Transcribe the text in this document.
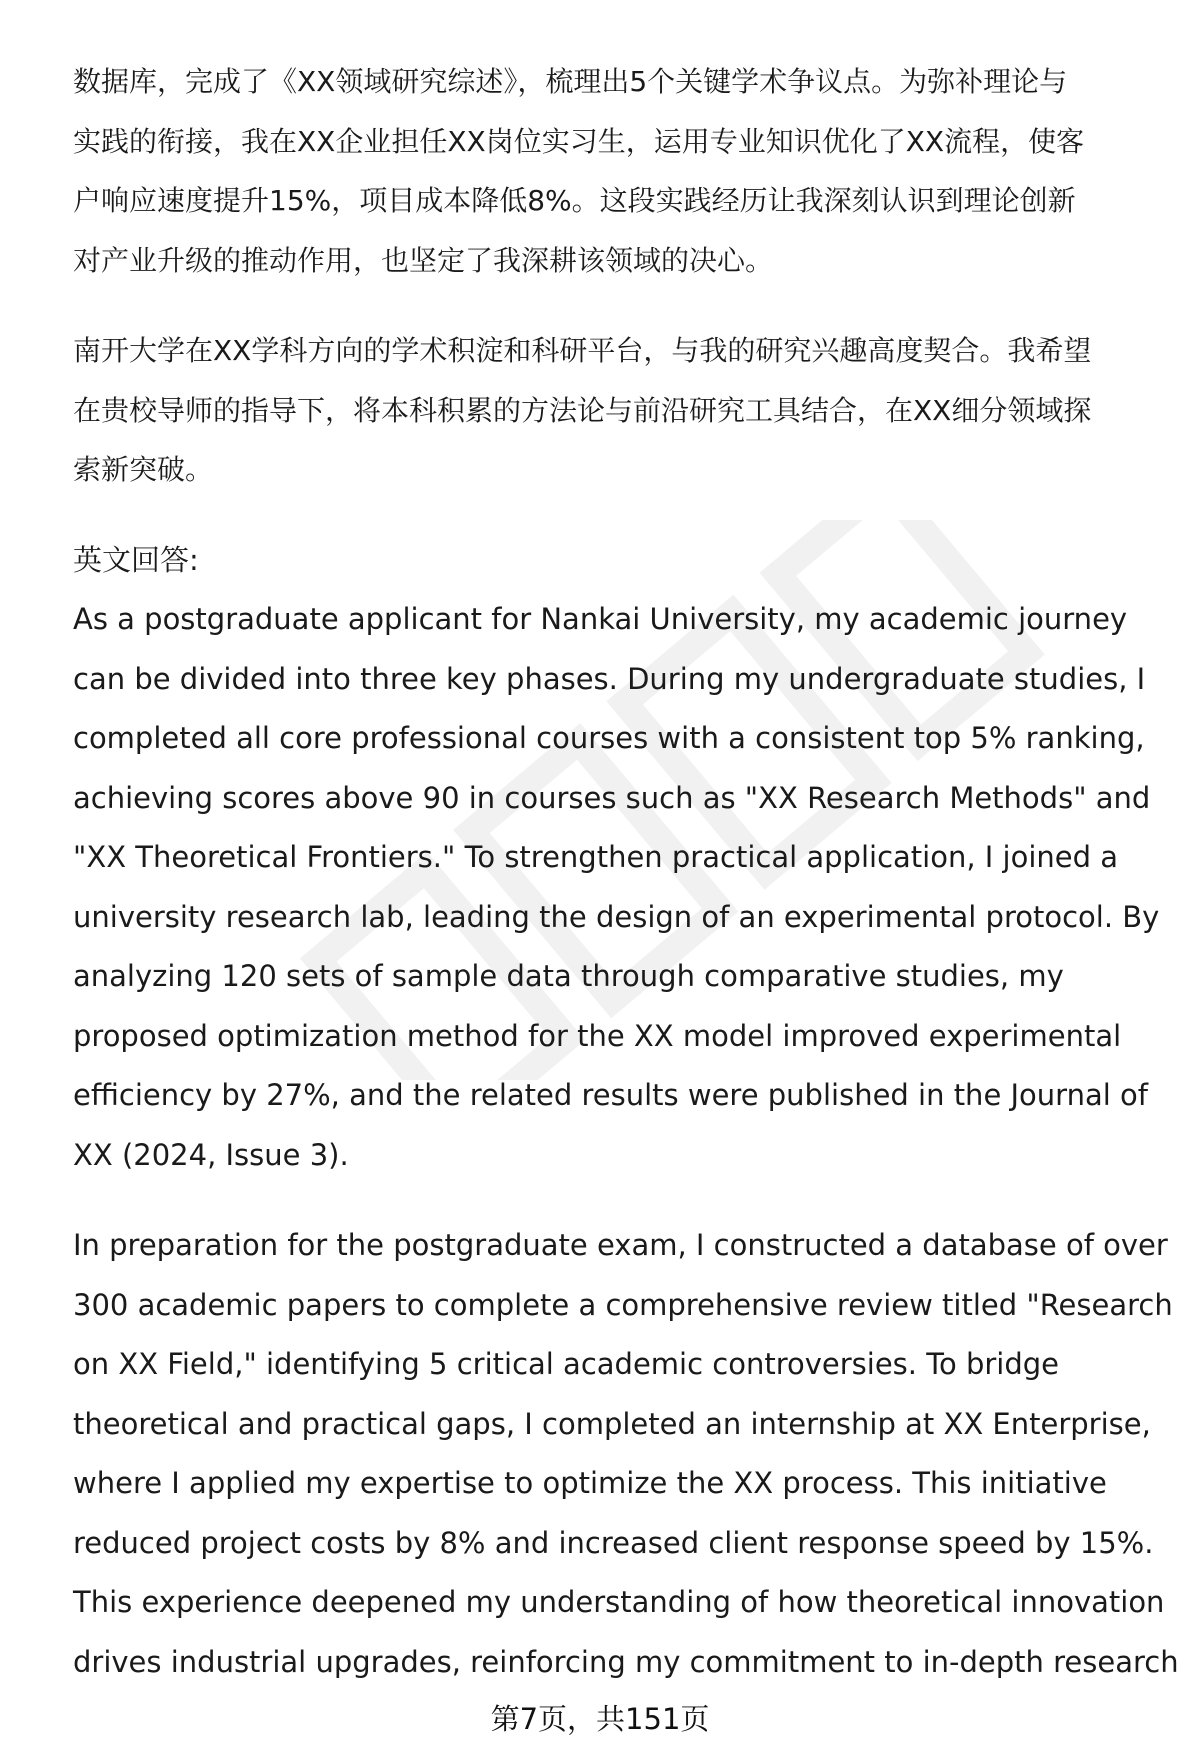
数据库，完成了《XX领域研究综述》，梳理出5个关键学术争议点。为弥补理论与
实践的衔接，我在XX企业担任XX岗位实习生，运用专业知识优化了XX流程，使客
户响应速度提升15%，项目成本降低8%。这段实践经历让我深刻认识到理论创新
对产业升级的推动作用，也坚定了我深耕该领域的决心。

南开大学在XX学科方向的学术积淀和科研平台，与我的研究兴趣高度契合。我希望
在贵校导师的指导下，将本科积累的方法论与前沿研究工具结合，在XX细分领域探
索新突破。

英文回答:
As a postgraduate applicant for Nankai University, my academic journey
can be divided into three key phases. During my undergraduate studies, I
completed all core professional courses with a consistent top 5% ranking,
achieving scores above 90 in courses such as "XX Research Methods" and
"XX Theoretical Frontiers." To strengthen practical application, I joined a
university research lab, leading the design of an experimental protocol. By
analyzing 120 sets of sample data through comparative studies, my
proposed optimization method for the XX model improved experimental
efficiency by 27%, and the related results were published in the Journal of
XX (2024, Issue 3).

In preparation for the postgraduate exam, I constructed a database of over
300 academic papers to complete a comprehensive review titled "Research
on XX Field," identifying 5 critical academic controversies. To bridge
theoretical and practical gaps, I completed an internship at XX Enterprise,
where I applied my expertise to optimize the XX process. This initiative
reduced project costs by 8% and increased client response speed by 15%.
This experience deepened my understanding of how theoretical innovation
drives industrial upgrades, reinforcing my commitment to in-depth research

第7页，共151页
